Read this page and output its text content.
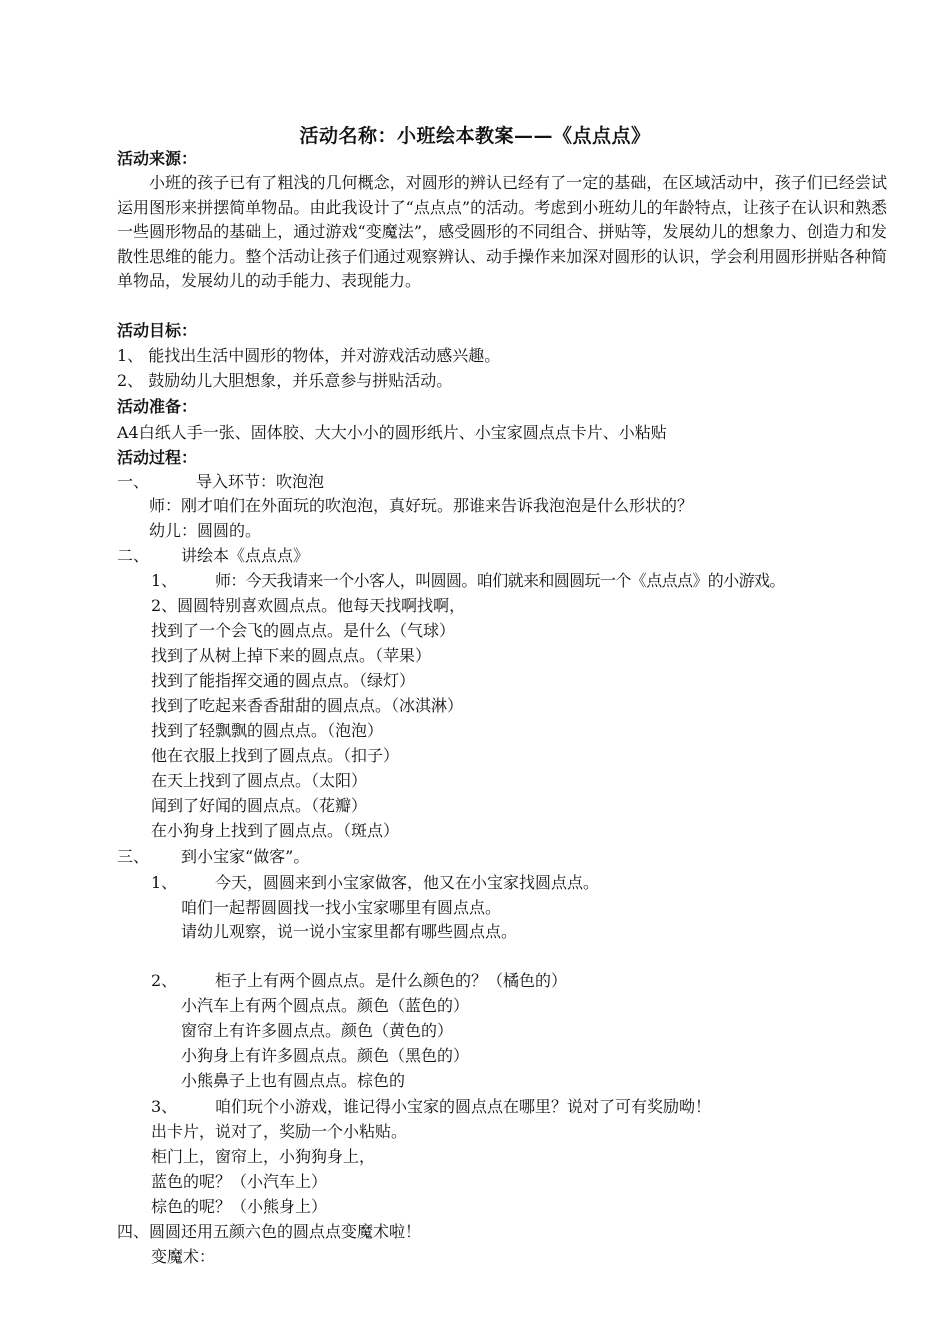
活动名称：小班绘本教案——《点点点》
活动来源：

小班的孩子已有了粗浅的几何概念，对圆形的辨认已经有了一定的基础，在区域活动中，孩子们已经尝试运用图形来拼摆简单物品。由此我设计了“点点点”的活动。考虑到小班幼儿的年龄特点，让孩子在认识和熟悉一些圆形物品的基础上，通过游戏“变魔法”，感受圆形的不同组合、拼贴等，发展幼儿的想象力、创造力和发散性思维的能力。整个活动让孩子们通过观察辨认、动手操作来加深对圆形的认识，学会利用圆形拼贴各种简单物品，发展幼儿的动手能力、表现能力。

活动目标：
1、 能找出生活中圆形的物体，并对游戏活动感兴趣。
2、 鼓励幼儿大胆想象，并乐意参与拼贴活动。
活动准备：
A4白纸人手一张、固体胶、大大小小的圆形纸片、小宝家圆点点卡片、小粘贴
活动过程：
一、	导入环节：吹泡泡
师：刚才咱们在外面玩的吹泡泡，真好玩。那谁来告诉我泡泡是什么形状的？
幼儿：圆圆的。
二、 讲绘本《点点点》
1、 师：今天我请来一个小客人，叫圆圆。咱们就来和圆圆玩一个《点点点》的小游戏。
2、圆圆特别喜欢圆点点。他每天找啊找啊，
找到了一个会飞的圆点点。是什么（气球）
找到了从树上掉下来的圆点点。（苹果）
找到了能指挥交通的圆点点。（绿灯）
找到了吃起来香香甜甜的圆点点。（冰淇淋）
找到了轻飘飘的圆点点。（泡泡）
他在衣服上找到了圆点点。（扣子）
在天上找到了圆点点。（太阳）
闻到了好闻的圆点点。（花瓣）
在小狗身上找到了圆点点。（斑点）
三、 到小宝家“做客”。
1、 今天，圆圆来到小宝家做客，他又在小宝家找圆点点。
咱们一起帮圆圆找一找小宝家哪里有圆点点。
请幼儿观察，说一说小宝家里都有哪些圆点点。
2、 柜子上有两个圆点点。是什么颜色的？（橘色的）
小汽车上有两个圆点点。颜色（蓝色的）
窗帘上有许多圆点点。颜色（黄色的）
小狗身上有许多圆点点。颜色（黑色的）
小熊鼻子上也有圆点点。棕色的
3、 咱们玩个小游戏，谁记得小宝家的圆点点在哪里？说对了可有奖励呦！
出卡片，说对了，奖励一个小粘贴。
柜门上，窗帘上，小狗狗身上，
蓝色的呢？（小汽车上）
棕色的呢？（小熊身上）
四、圆圆还用五颜六色的圆点点变魔术啦！
变魔术：
